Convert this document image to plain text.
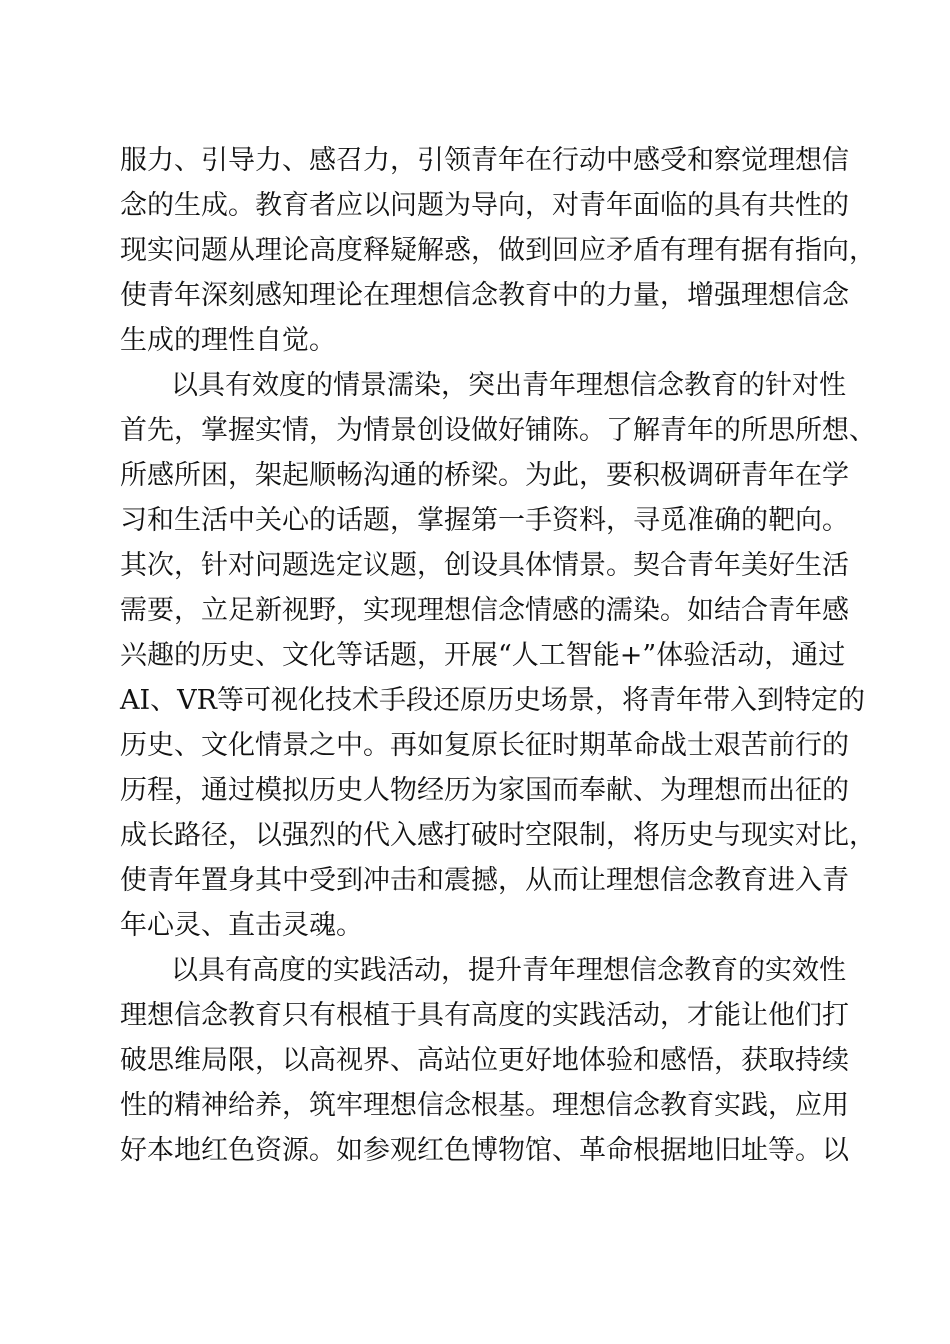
服力、引导力、感召力，引领青年在行动中感受和察觉理想信
念的生成。教育者应以问题为导向，对青年面临的具有共性的
现实问题从理论高度释疑解惑，做到回应矛盾有理有据有指向，
使青年深刻感知理论在理想信念教育中的力量，增强理想信念
生成的理性自觉。
以具有效度的情景濡染，突出青年理想信念教育的针对性
首先，掌握实情，为情景创设做好铺陈。了解青年的所思所想、
所感所困，架起顺畅沟通的桥梁。为此，要积极调研青年在学
习和生活中关心的话题，掌握第一手资料，寻觅准确的靶向。
其次，针对问题选定议题，创设具体情景。契合青年美好生活
需要，立足新视野，实现理想信念情感的濡染。如结合青年感
兴趣的历史、文化等话题，开展“人工智能+”体验活动，通过
AI、VR等可视化技术手段还原历史场景，将青年带入到特定的
历史、文化情景之中。再如复原长征时期革命战士艰苦前行的
历程，通过模拟历史人物经历为家国而奉献、为理想而出征的
成长路径，以强烈的代入感打破时空限制，将历史与现实对比，
使青年置身其中受到冲击和震撼，从而让理想信念教育进入青
年心灵、直击灵魂。
以具有高度的实践活动，提升青年理想信念教育的实效性
理想信念教育只有根植于具有高度的实践活动，才能让他们打
破思维局限，以高视界、高站位更好地体验和感悟，获取持续
性的精神给养，筑牢理想信念根基。理想信念教育实践，应用
好本地红色资源。如参观红色博物馆、革命根据地旧址等。以
